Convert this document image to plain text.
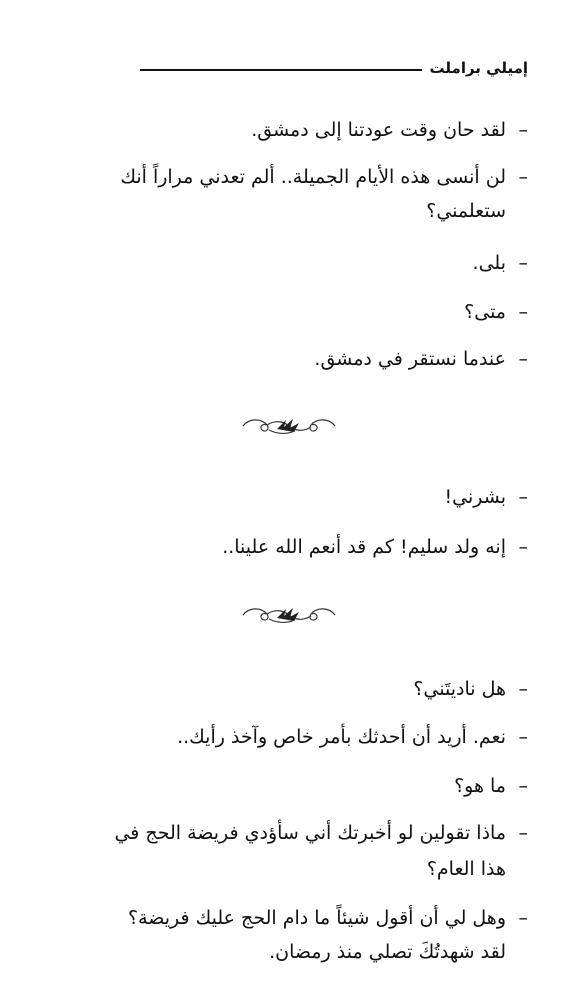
إميلي براملت
–لقد حان وقت عودتنا إلى دمشق.
–لن أنسى هذه الأيام الجميلة.. ألم تعدني مراراً أنك
ستعلمني؟
–بلى.
–متى؟
–عندما نستقر في دمشق.
–بشرني!
–إنه ولد سليم! كم قد أنعم الله علينا..
–هل ناديتَني؟
–نعم. أريد أن أحدثك بأمر خاص وآخذ رأيك..
–ما هو؟
–ماذا تقولين لو أخبرتك أني سأؤدي فريضة الحج في
هذا العام؟
–وهل لي أن أقول شيئاً ما دام الحج عليك فريضة؟
لقد شهدتُكَ تصلي منذ رمضان.
